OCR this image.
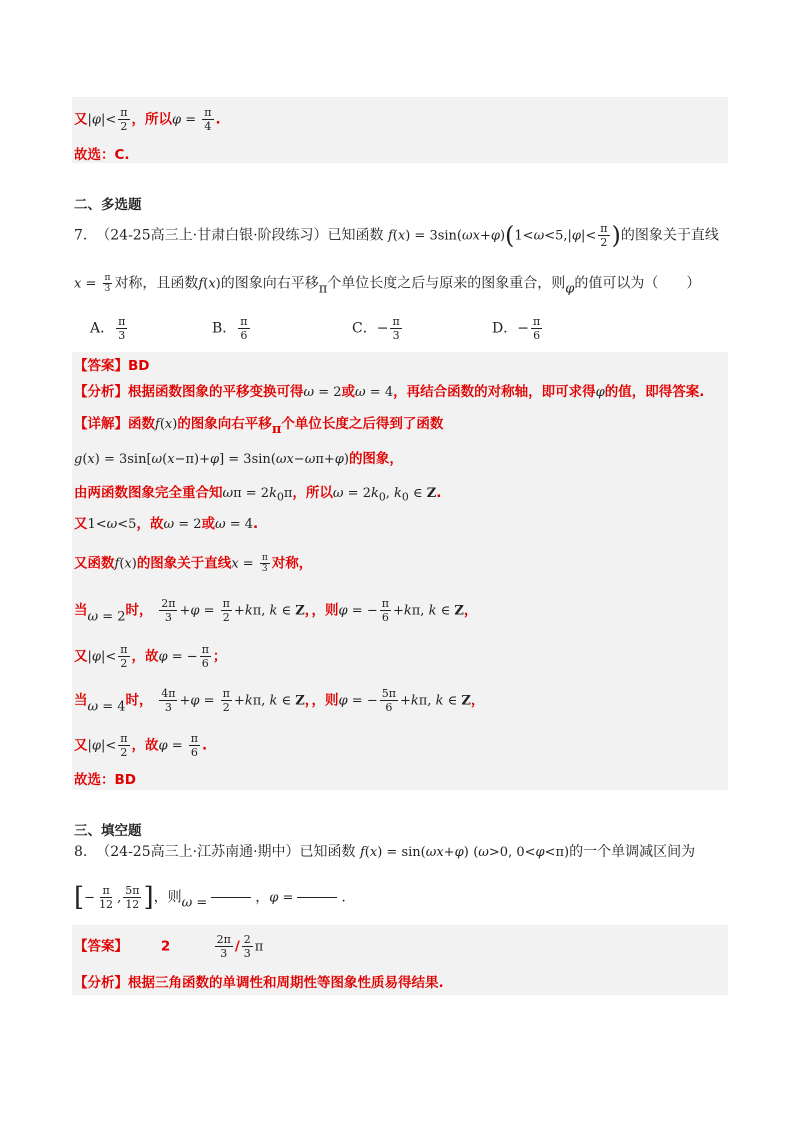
又$|\varphi|< \frac{\pi}{2}$ ，所以$\varphi = \frac{\pi}{4}$ .
故选：C.
二、多选题
7. （24-25高三上·甘肃白银·阶段练习）已知函数 $f(x) = 3\sin(\omega x+\varphi)(1<\omega<5,|\varphi|< \frac{\pi}{2}$ )的图象关于直线
$x = \frac{\pi}{3}$ 对称，且函数f(x)的图象向右平移π个单位长度之后与原来的图象重合，则φ的值可以为（　　）
A． $\frac{\pi}{3}$	B． $\frac{\pi}{6}$	C．− $\frac{\pi}{3}$	D．− $\frac{\pi}{6}$
【答案】BD
【分析】根据函数图象的平移变换可得ω = 2或ω = 4，再结合函数的对称轴，即可求得φ的值，即得答案.
【详解】函数f(x)的图象向右平移π个单位长度之后得到了函数
g(x) = 3sin[ω(x−π)+φ] = 3sin(ωx−ωπ+φ)的图象，
由两函数图象完全重合知$\omega\pi = 2k_0\pi$，所以$\omega = 2k_0$, $k_0$ ∈ Z.
又1<ω<5，故ω = 2或ω = 4.
又函数f(x)的图象关于直线$x = \frac{\pi}{3}$ 对称，
当ω = 2时， $\frac{2\pi}{3} +\varphi = \frac{\pi}{2} +k\pi$, k ∈ Z，，则φ = − $\frac{\pi}{6} +k\pi$, k ∈ Z，
又$|\varphi|< \frac{\pi}{2}$ ，故φ = − $\frac{\pi}{6}$ ；
当ω = 4时， $\frac{4\pi}{3} +\varphi = \frac{\pi}{2} +k\pi$, k ∈ Z，，则φ = − $\frac{5\pi}{6} +k\pi$, k ∈ Z，
又$|\varphi|< \frac{\pi}{2}$ ，故$\varphi = \frac{\pi}{6}$ .
故选：BD
三、填空题
8. （24-25高三上·江苏南通·期中）已知函数 f(x) = sin(ωx+φ) (ω>0, 0<φ<π)的一个单调减区间为
[− $\frac{\pi}{12}$ , $\frac{5\pi}{12}$ ]，则ω =	，φ =	.
【答案】 2	$\frac{2\pi}{3} / \frac{2}{3}$ π
【分析】根据三角函数的单调性和周期性等图象性质易得结果.
